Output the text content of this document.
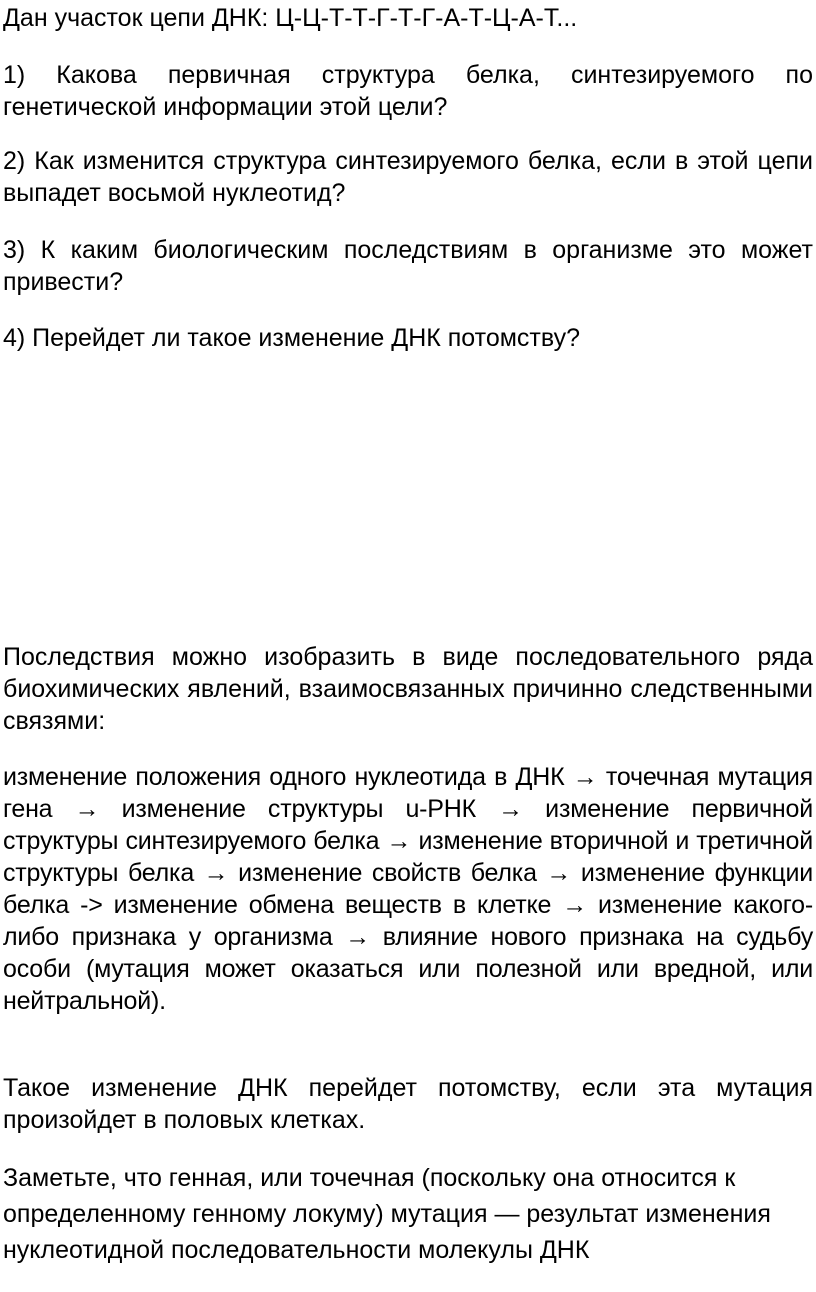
Дан участок цепи ДНК: Ц-Ц-Т-Т-Г-Т-Г-А-Т-Ц-А-Т...

1) Какова первичная структура белка, синтезируемого по генетической информации этой цели?

2) Как изменится структура синтезируемого белка, если в этой цепи выпадет восьмой нуклеотид?

3) К каким биологическим последствиям в организме это может привести?

4) Перейдет ли такое изменение ДНК потомству?

Последствия можно изобразить в виде последовательного ряда биохимических явлений, взаимосвязанных причинно следственными связями:

изменение положения одного нуклеотида в ДНК → точечная мутация гена → изменение структуры u-РНК → изменение первичной структуры синтезируемого белка → изменение вторичной и третичной структуры белка → изменение свойств белка → изменение функции белка -> изменение обмена веществ в клетке → изменение какого-либо признака у организма → влияние нового признака на судьбу особи (мутация может оказаться или полезной или вредной, или нейтральной).

Такое изменение ДНК перейдет потомству, если эта мутация произойдет в половых клетках.

Заметьте, что генная, или точечная (поскольку она относится к определенному генному локуму) мутация — результат изменения нуклеотидной последовательности молекулы ДНК
